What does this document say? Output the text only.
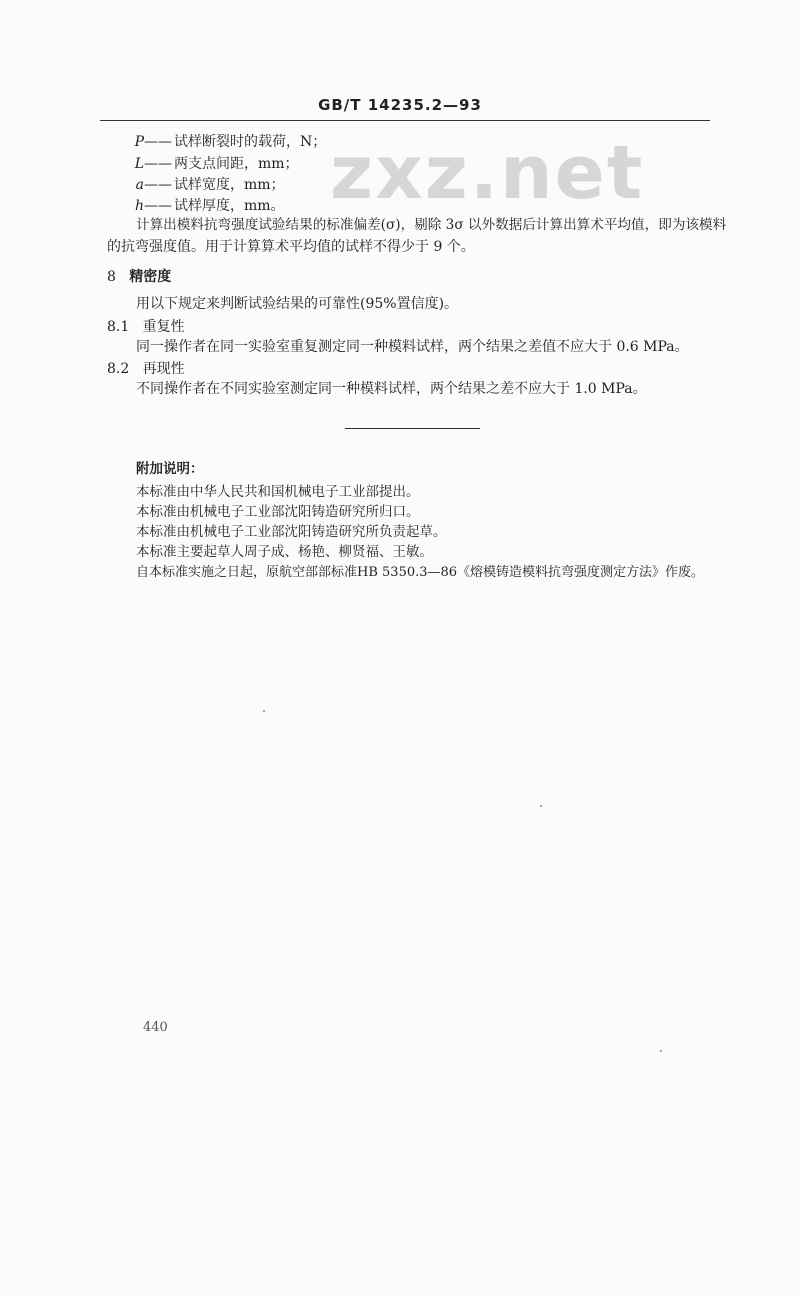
zxz.net
GB/T 14235.2—93
P—— 试样断裂时的载荷，N；
L—— 两支点间距，mm；
a—— 试样宽度，mm；
h—— 试样厚度，mm。
计算出模料抗弯强度试验结果的标准偏差(σ)，剔除 3σ 以外数据后计算出算术平均值，即为该模料
的抗弯强度值。用于计算算术平均值的试样不得少于 9 个。
8 精密度
用以下规定来判断试验结果的可靠性(95%置信度)。
8.1 重复性
同一操作者在同一实验室重复测定同一种模料试样，两个结果之差值不应大于 0.6 MPa。
8.2 再现性
不同操作者在不同实验室测定同一种模料试样，两个结果之差不应大于 1.0 MPa。
附加说明：
本标准由中华人民共和国机械电子工业部提出。
本标准由机械电子工业部沈阳铸造研究所归口。
本标准由机械电子工业部沈阳铸造研究所负责起草。
本标准主要起草人周子成、杨艳、柳贤福、王敏。
自本标准实施之日起，原航空部部标准HB 5350.3—86《熔模铸造模料抗弯强度测定方法》作废。
440
